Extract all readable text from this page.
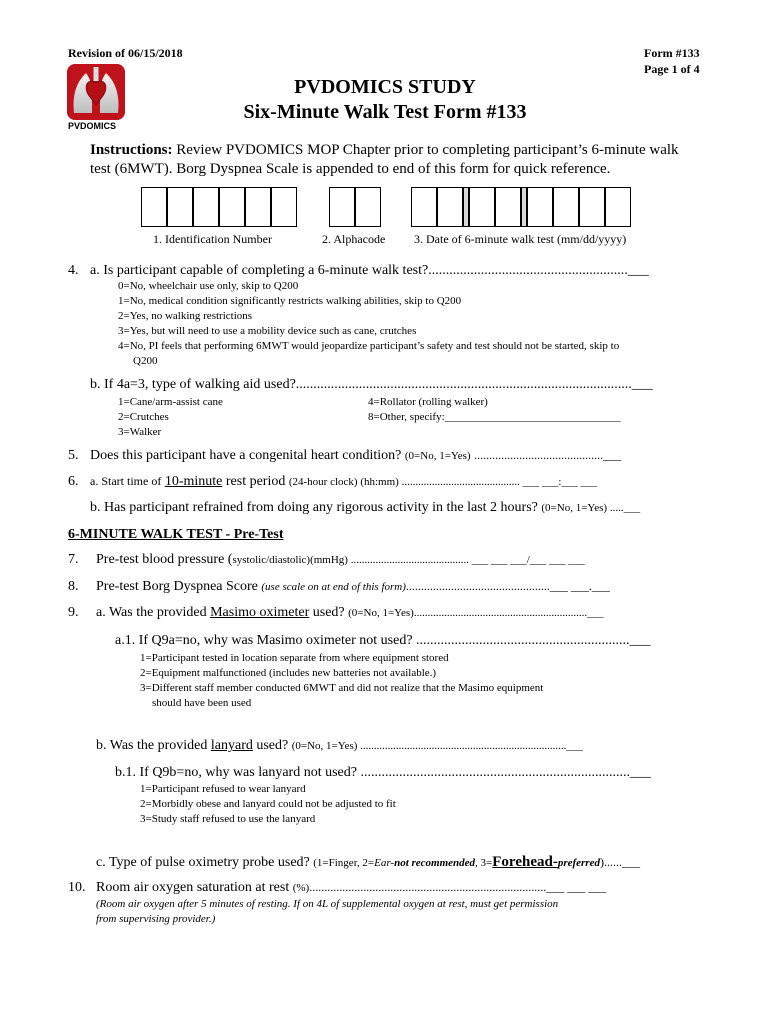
Revision of 06/15/2018	Form #133
Page 1 of 4
PVDOMICS
PVDOMICS STUDY
Six-Minute Walk Test Form #133
Instructions: Review PVDOMICS MOP Chapter prior to completing participant’s 6-minute walk
test (6MWT). Borg Dyspnea Scale is appended to end of this form for quick reference.
1. Identification Number	2. Alphacode 3. Date of 6-minute walk test (mm/dd/yyyy)
4. a. Is participant capable of completing a 6-minute walk test?.........................................................___
0=No, wheelchair use only, skip to Q200
1=No, medical condition significantly restricts walking abilities, skip to Q200
2=Yes, no walking restrictions
3=Yes, but will need to use a mobility device such as cane, crutches
4=No, PI feels that performing 6MWT would jeopardize participant’s safety and test should not be started, skip to
Q200
b. If 4a=3, type of walking aid used?................................................................................................___
1=Cane/arm-assist cane
2=Crutches
3=Walker
4=Rollator (rolling walker)
8=Other, specify:________________________________
5. Does this participant have a congenital heart condition? (0=No, 1=Yes) ...........................................___
6. a. Start time of 10-minute rest period (24-hour clock) (hh:mm) ........................................... ___ ___:___ ___
b. Has participant refrained from doing any rigorous activity in the last 2 hours? (0=No, 1=Yes) .....___
6-MINUTE WALK TEST - Pre-Test
7. Pre-test blood pressure (systolic/diastolic)(mmHg) ........................................... ___ ___ ___/___ ___ ___
8. Pre-test Borg Dyspnea Score (use scale on at end of this form)................................................___ ___.___
9. a. Was the provided Masimo oximeter used? (0=No, 1=Yes)...............................................................___
a.1. If Q9a=no, why was Masimo oximeter not used? .............................................................___
1=Participant tested in location separate from where equipment stored
2=Equipment malfunctioned (includes new batteries not available.)
3=Different staff member conducted 6MWT and did not realize that the Masimo equipment
should have been used
b. Was the provided lanyard used? (0=No, 1=Yes) ...........................................................................___
b.1. If Q9b=no, why was lanyard not used? .............................................................................___
1=Participant refused to wear lanyard
2=Morbidly obese and lanyard could not be adjusted to fit
3=Study staff refused to use the lanyard
c. Type of pulse oximetry probe used? (1=Finger, 2=Ear-not recommended, 3=Forehead-preferred)......___
10. Room air oxygen saturation at rest (%)...............................................................................___ ___ ___
(Room air oxygen after 5 minutes of resting. If on 4L of supplemental oxygen at rest, must get permission
from supervising provider.)
